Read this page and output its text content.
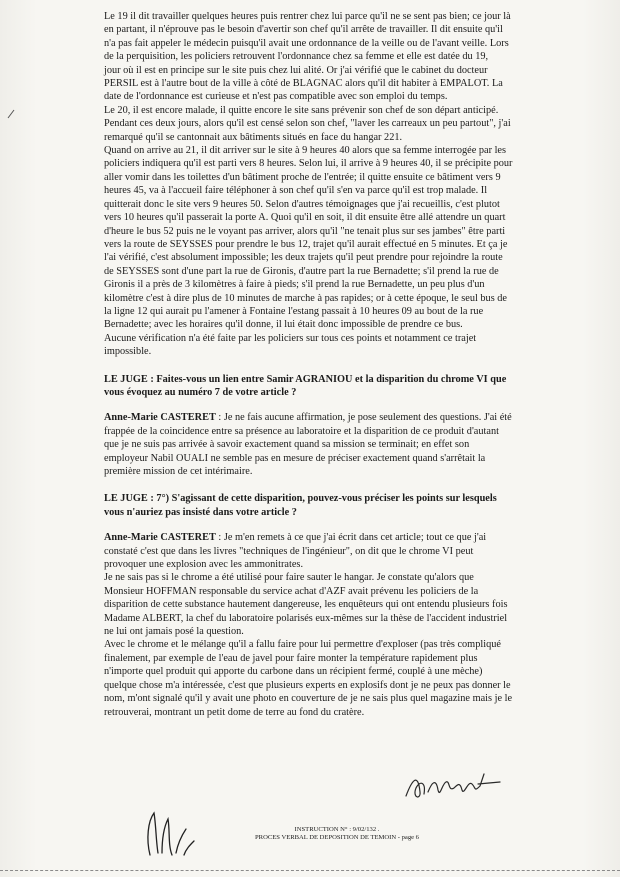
Le 19 il dit travailler quelques heures puis rentrer chez lui parce qu'il ne se sent pas bien; ce jour là
en partant, il n'éprouve pas le besoin d'avertir son chef qu'il arrête de travailler. Il dit ensuite qu'il
n'a pas fait appeler le médecin puisqu'il avait une ordonnance de la veille ou de l'avant veille. Lors
de la perquisition, les policiers retrouvent l'ordonnance chez sa femme et elle est datée du 19,
jour où il est en principe sur le site puis chez lui alité. Or j'ai vérifié que le cabinet du docteur
PERSIL est à l'autre bout de la ville à côté de BLAGNAC alors qu'il dit habiter à EMPALOT. La
date de l'ordonnance est curieuse et n'est pas compatible avec son emploi du temps.
Le 20, il est encore malade, il quitte encore le site sans prévenir son chef de son départ anticipé.
Pendant ces deux jours, alors qu'il est censé selon son chef, "laver les carreaux un peu partout", j'ai
remarqué qu'il se cantonnait aux bâtiments situés en face du hangar 221.
Quand on arrive au 21, il dit arriver sur le site à 9 heures 40 alors que sa femme interrogée par les
policiers indiquera qu'il est parti vers 8 heures. Selon lui, il arrive à 9 heures 40, il se précipite pour
aller vomir dans les toilettes d'un bâtiment proche de l'entrée; il quitte ensuite ce bâtiment vers 9
heures 45, va à l'accueil faire téléphoner à son chef qu'il s'en va parce qu'il est trop malade. Il
quitterait donc le site vers 9 heures 50. Selon d'autres témoignages que j'ai recueillis, c'est plutot
vers 10 heures qu'il passerait la porte A. Quoi qu'il en soit, il dit ensuite être allé attendre un quart
d'heure le bus 52 puis ne le voyant pas arriver, alors qu'il "ne tenait plus sur ses jambes" être parti
vers la route de SEYSSES pour prendre le bus 12, trajet qu'il aurait effectué en 5 minutes. Et ça je
l'ai vérifié, c'est absolument impossible; les deux trajets qu'il peut prendre pour rejoindre la route
de SEYSSES sont d'une part la rue de Gironis, d'autre part la rue Bernadette; s'il prend la rue de
Gironis il a près de 3 kilomètres à faire à pieds; s'il prend la rue Bernadette, un peu plus d'un
kilomètre c'est à dire plus de 10 minutes de marche à pas rapides; or à cette époque, le seul bus de
la ligne 12 qui aurait pu l'amener à Fontaine l'estang passait à 10 heures 09 au bout de la rue
Bernadette; avec les horaires qu'il donne, il lui était donc impossible de prendre ce bus.
Aucune vérification n'a été faite par les policiers sur tous ces points et notamment ce trajet
impossible.

LE JUGE : Faites-vous un lien entre Samir AGRANIOU et la disparition du chrome VI que
vous évoquez au numéro 7 de votre article ?

Anne-Marie CASTERET : Je ne fais aucune affirmation, je pose seulement des questions. J'ai été
frappée de la coincidence entre sa présence au laboratoire et la disparition de ce produit d'autant
que je ne suis pas arrivée à savoir exactement quand sa mission se terminait; en effet son
employeur Nabil OUALI ne semble pas en mesure de préciser exactement quand s'arrêtait la
première mission de cet intérimaire.

LE JUGE : 7°) S'agissant de cette disparition, pouvez-vous préciser les points sur lesquels
vous n'auriez pas insisté dans votre article ?

Anne-Marie CASTERET : Je m'en remets à ce que j'ai écrit dans cet article; tout ce que j'ai
constaté c'est que dans les livres "techniques de l'ingénieur", on dit que le chrome VI peut
provoquer une explosion avec les ammonitrates.
Je ne sais pas si le chrome a été utilisé pour faire sauter le hangar. Je constate qu'alors que
Monsieur HOFFMAN responsable du service achat d'AZF avait prévenu les policiers de la
disparition de cette substance hautement dangereuse, les enquêteurs qui ont entendu plusieurs fois
Madame ALBERT, la chef du laboratoire polarisés eux-mêmes sur la thèse de l'accident industriel
ne lui ont jamais posé la question.
Avec le chrome et le mélange qu'il a fallu faire pour lui permettre d'exploser (pas très compliqué
finalement, par exemple de l'eau de javel pour faire monter la température rapidement plus
n'importe quel produit qui apporte du carbone dans un récipient fermé, couplé à une mèche)
quelque chose m'a intéressée, c'est que plusieurs experts en explosifs dont je ne peux pas donner le
nom, m'ont signalé qu'il y avait une photo en couverture de je ne sais plus quel magazine mais je le
retrouverai, montrant un petit dome de terre au fond du cratère.

INSTRUCTION N° : 9/02/132 .
PROCES VERBAL DE DEPOSITION DE TEMOIN - page 6
